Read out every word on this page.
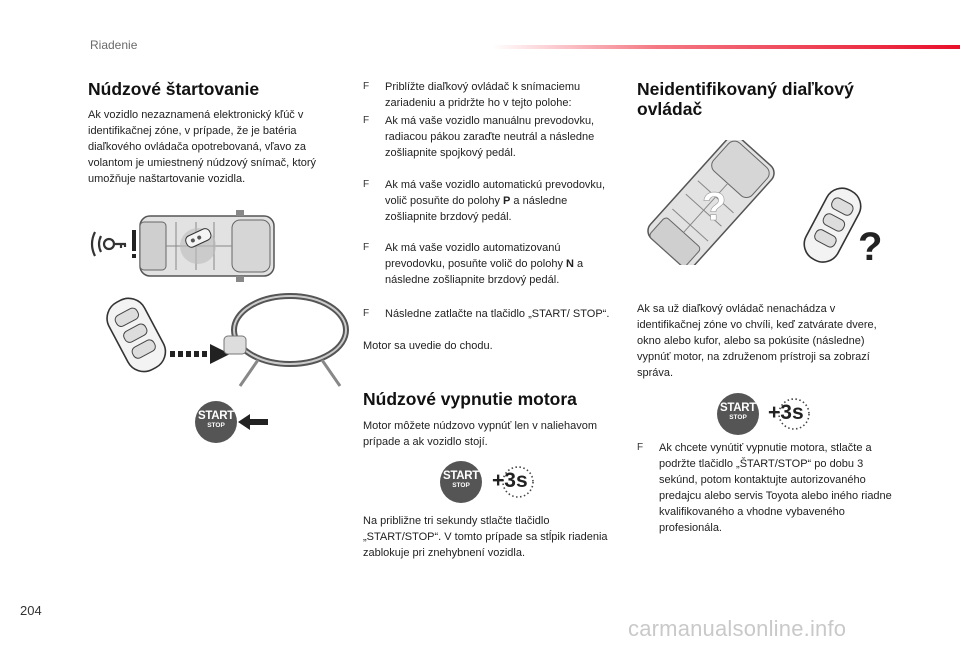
Riadenie
Núdzové štartovanie
Ak vozidlo nezaznamená elektronický kľúč v identifikačnej zóne, v prípade, že je batéria diaľkového ovládača opotrebovaná, vľavo za volantom je umiestnený núdzový snímač, ktorý umožňuje naštartovanie vozidla.
START
STOP
F Priblížte diaľkový ovládač k snímaciemu zariadeniu a pridržte ho v tejto polohe:
F Ak má vaše vozidlo manuálnu prevodovku, radiacou pákou zaraďte neutrál a následne zošliapnite spojkový pedál.
F Ak má vaše vozidlo automatickú prevodovku, volič posuňte do polohy P a následne zošliapnite brzdový pedál.
F Ak má vaše vozidlo automatizovanú prevodovku, posuňte volič do polohy N a následne zošliapnite brzdový pedál.
F Následne zatlačte na tlačidlo „START/ STOP“.
Motor sa uvedie do chodu.
Núdzové vypnutie motora
Motor môžete núdzovo vypnúť len v naliehavom prípade a ak vozidlo stojí.
START
STOP	+3s
Na približne tri sekundy stlačte tlačidlo „START/STOP“. V tomto prípade sa stĺpik riadenia zablokuje pri znehybnení vozidla.
Neidentifikovaný diaľkový ovládač
?
?
Ak sa už diaľkový ovládač nenachádza v identifikačnej zóne vo chvíli, keď zatvárate dvere, okno alebo kufor, alebo sa pokúsite (následne) vypnúť motor, na združenom prístroji sa zobrazí správa.
START
STOP	+3s
F Ak chcete vynútiť vypnutie motora, stlačte a podržte tlačidlo „ŠTART/STOP“ po dobu 3 sekúnd, potom kontaktujte autorizovaného predajcu alebo servis Toyota alebo iného riadne kvalifikovaného a vhodne vybaveného profesionála.
204
carmanualsonline.info
